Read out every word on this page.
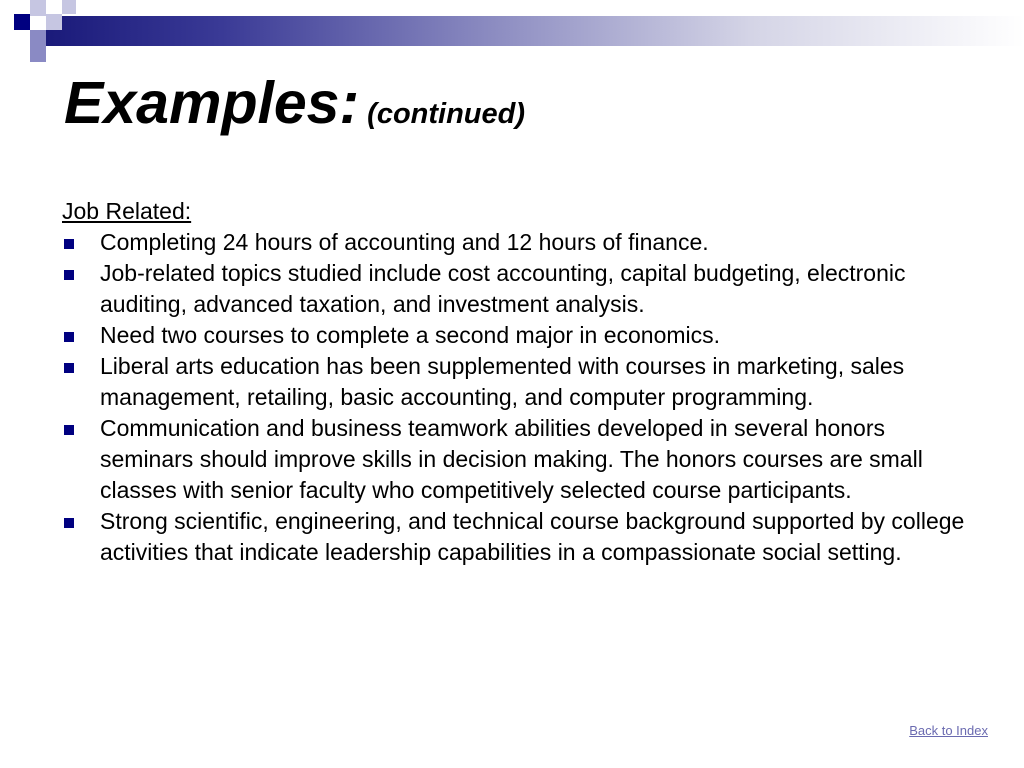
Examples: (continued)
Job Related:
Completing 24 hours of accounting and 12 hours of finance.
Job-related topics studied include cost accounting, capital budgeting, electronic auditing, advanced taxation, and investment analysis.
Need two courses to complete a second major in economics.
Liberal arts education has been supplemented with courses in marketing, sales management, retailing, basic accounting, and computer programming.
Communication and business teamwork abilities developed in several honors seminars should improve skills in decision making. The honors courses are small classes with senior faculty who competitively selected course participants.
Strong scientific, engineering, and technical course background supported by college activities that indicate leadership capabilities in a compassionate social setting.
Back to Index
